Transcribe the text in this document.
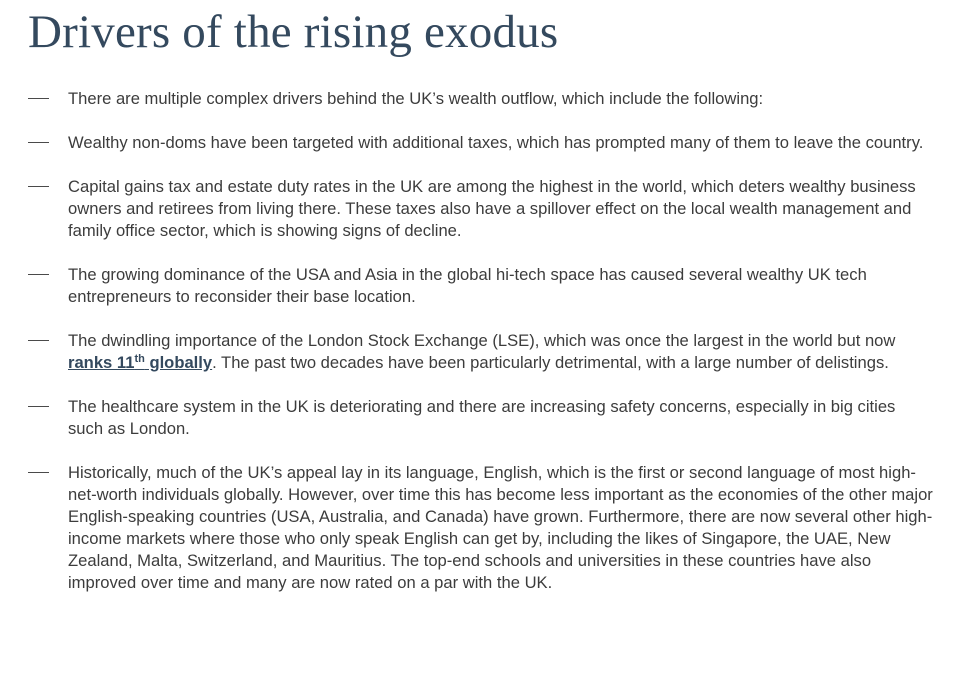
Drivers of the rising exodus
There are multiple complex drivers behind the UK’s wealth outflow, which include the following:
Wealthy non-doms have been targeted with additional taxes, which has prompted many of them to leave the country.
Capital gains tax and estate duty rates in the UK are among the highest in the world, which deters wealthy business owners and retirees from living there. These taxes also have a spillover effect on the local wealth management and family office sector, which is showing signs of decline.
The growing dominance of the USA and Asia in the global hi-tech space has caused several wealthy UK tech entrepreneurs to reconsider their base location.
The dwindling importance of the London Stock Exchange (LSE), which was once the largest in the world but now ranks 11th globally. The past two decades have been particularly detrimental, with a large number of delistings.
The healthcare system in the UK is deteriorating and there are increasing safety concerns, especially in big cities such as London.
Historically, much of the UK’s appeal lay in its language, English, which is the first or second language of most high-net-worth individuals globally. However, over time this has become less important as the economies of the other major English-speaking countries (USA, Australia, and Canada) have grown. Furthermore, there are now several other high-income markets where those who only speak English can get by, including the likes of Singapore, the UAE, New Zealand, Malta, Switzerland, and Mauritius. The top-end schools and universities in these countries have also improved over time and many are now rated on a par with the UK.
